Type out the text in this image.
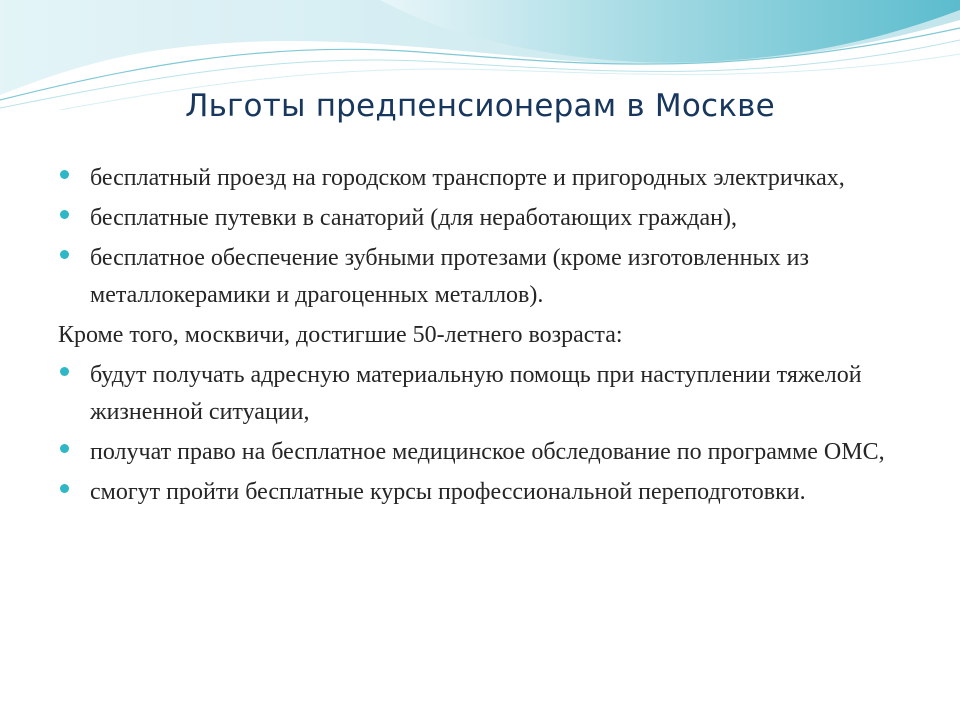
Льготы предпенсионерам в Москве
бесплатный проезд на городском транспорте и пригородных электричках,
бесплатные путевки в санаторий (для неработающих граждан),
бесплатное обеспечение зубными протезами (кроме изготовленных из металлокерамики и драгоценных металлов).
Кроме того, москвичи, достигшие 50-летнего возраста:
будут получать адресную материальную помощь при наступлении тяжелой жизненной ситуации,
получат право на бесплатное медицинское обследование по программе ОМС,
смогут пройти бесплатные курсы профессиональной переподготовки.
